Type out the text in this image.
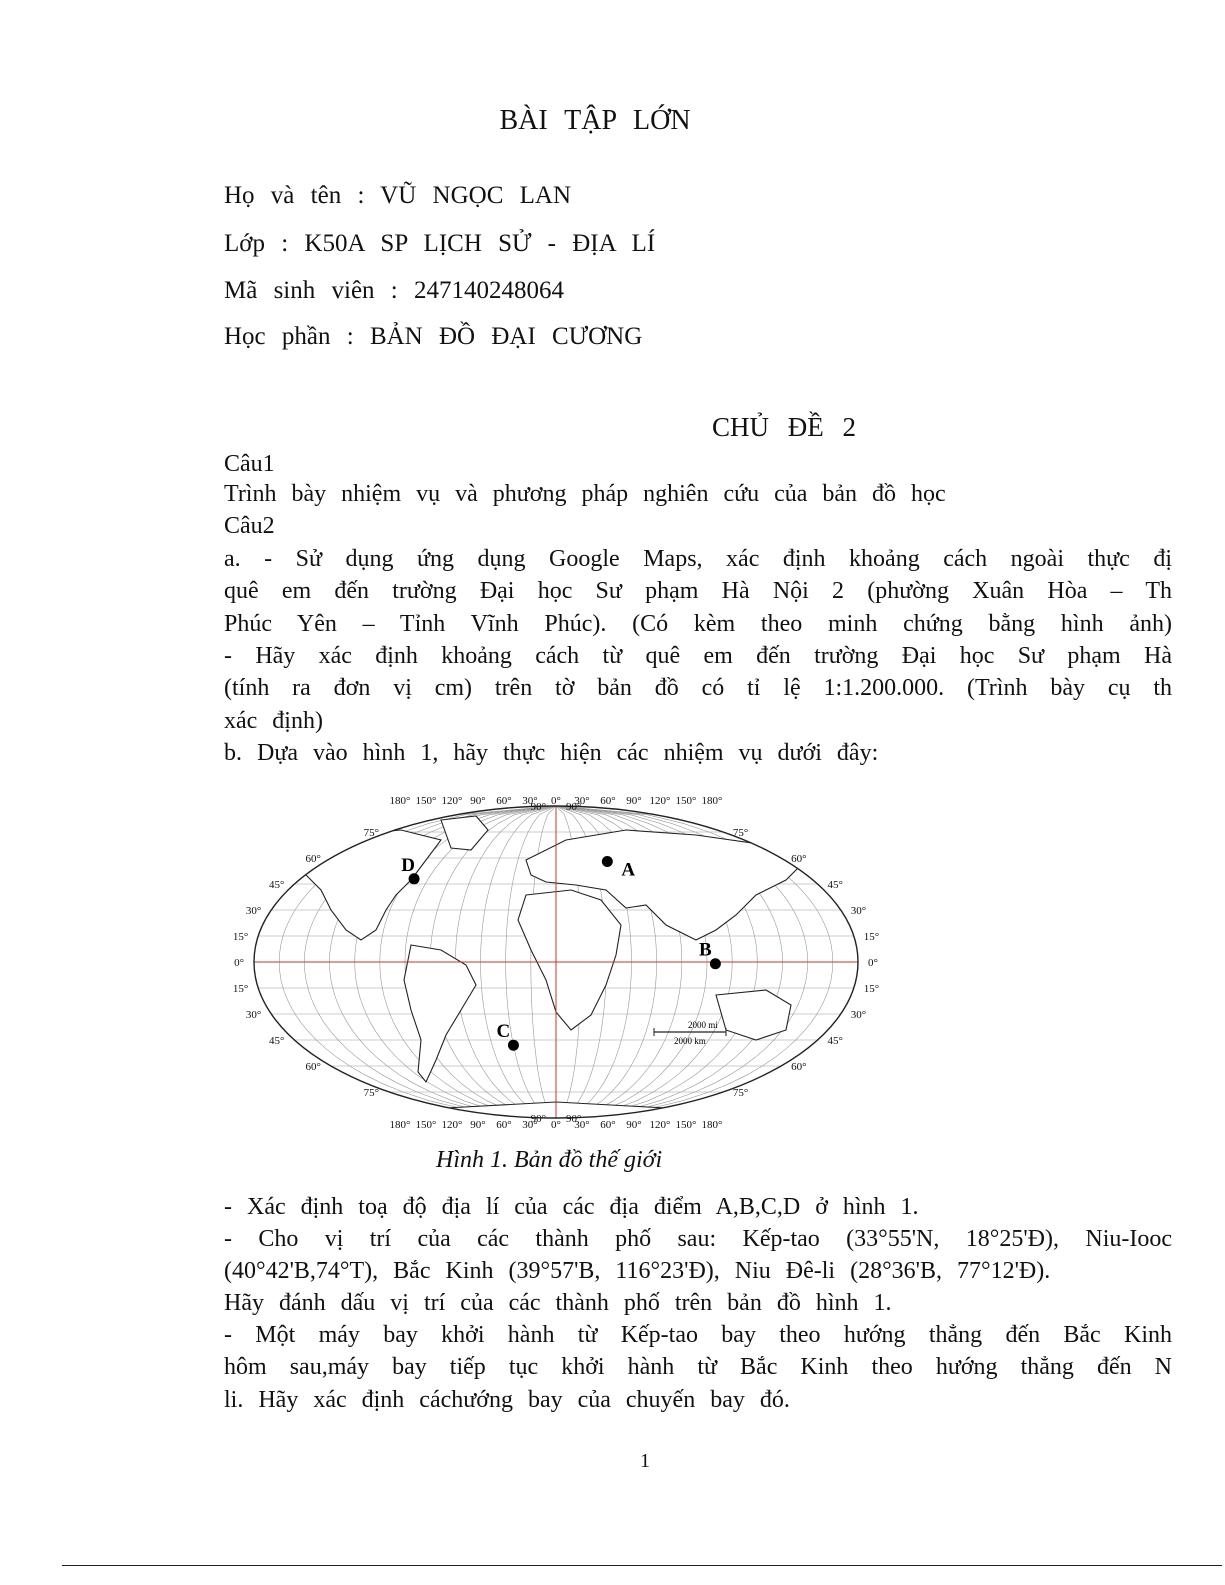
BÀI TẬP LỚN
Họ và tên : VŨ NGỌC LAN
Lớp : K50A SP LỊCH SỬ - ĐỊA LÍ
Mã sinh viên : 247140248064
Học phần : BẢN ĐỒ ĐẠI CƯƠNG
CHỦ ĐỀ 2
Câu1
Trình bày nhiệm vụ và phương pháp nghiên cứu của bản đồ học
Câu2
a. - Sử dụng ứng dụng Google Maps, xác định khoảng cách ngoài thực đị
quê em đến trường Đại học Sư phạm Hà Nội 2 (phường Xuân Hòa – Th
Phúc Yên – Tỉnh Vĩnh Phúc). (Có kèm theo minh chứng bằng hình ảnh)
- Hãy xác định khoảng cách từ quê em đến trường Đại học Sư phạm Hà
(tính ra đơn vị cm) trên tờ bản đồ có tỉ lệ 1:1.200.000. (Trình bày cụ th
xác định)
b. Dựa vào hình 1, hãy thực hiện các nhiệm vụ dưới đây:
180° 150° 120° 90° 60° 30° 0° 30° 60° 90° 120° 150° 180°
180° 150° 120° 90° 60° 30° 0° 30° 60° 90° 120° 150° 180°
90° 90°
75°	75°
60°	60°
45°	45°
30°	30°
15°	15°
0°	0°
15°	15°
30°	30°
45°	45°
60°	60°
75°	75°
90° 90°
A
B
C
D
2000 mi
2000 km
Hình 1. Bản đồ thế giới
- Xác định toạ độ địa lí của các địa điểm A,B,C,D ở hình 1.
- Cho vị trí của các thành phố sau: Kếp-tao (33°55'N, 18°25'Đ), Niu-Iooc
(40°42'B,74°T), Bắc Kinh (39°57'B, 116°23'Đ), Niu Đê-li (28°36'B, 77°12'Đ).
Hãy đánh dấu vị trí của các thành phố trên bản đồ hình 1.
- Một máy bay khởi hành từ Kếp-tao bay theo hướng thẳng đến Bắc Kinh
hôm sau,máy bay tiếp tục khởi hành từ Bắc Kinh theo hướng thẳng đến N
li. Hãy xác định cáchướng bay của chuyến bay đó.
1
